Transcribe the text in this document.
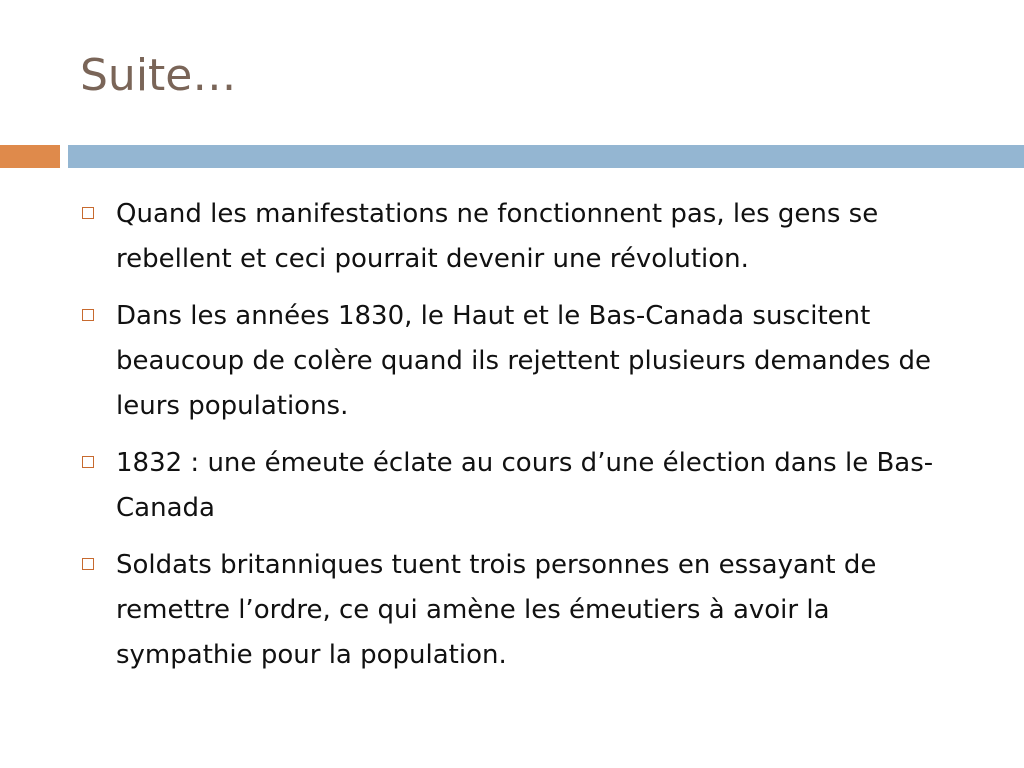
Suite…
Quand les manifestations ne fonctionnent pas, les gens se rebellent et ceci pourrait devenir une révolution.
Dans les années 1830, le Haut et le Bas-Canada suscitent beaucoup de colère quand ils rejettent plusieurs demandes de leurs populations.
1832 : une émeute éclate au cours d’une élection dans le Bas-Canada
Soldats britanniques tuent trois personnes en essayant de remettre l’ordre, ce qui amène les émeutiers à avoir la sympathie pour la population.
